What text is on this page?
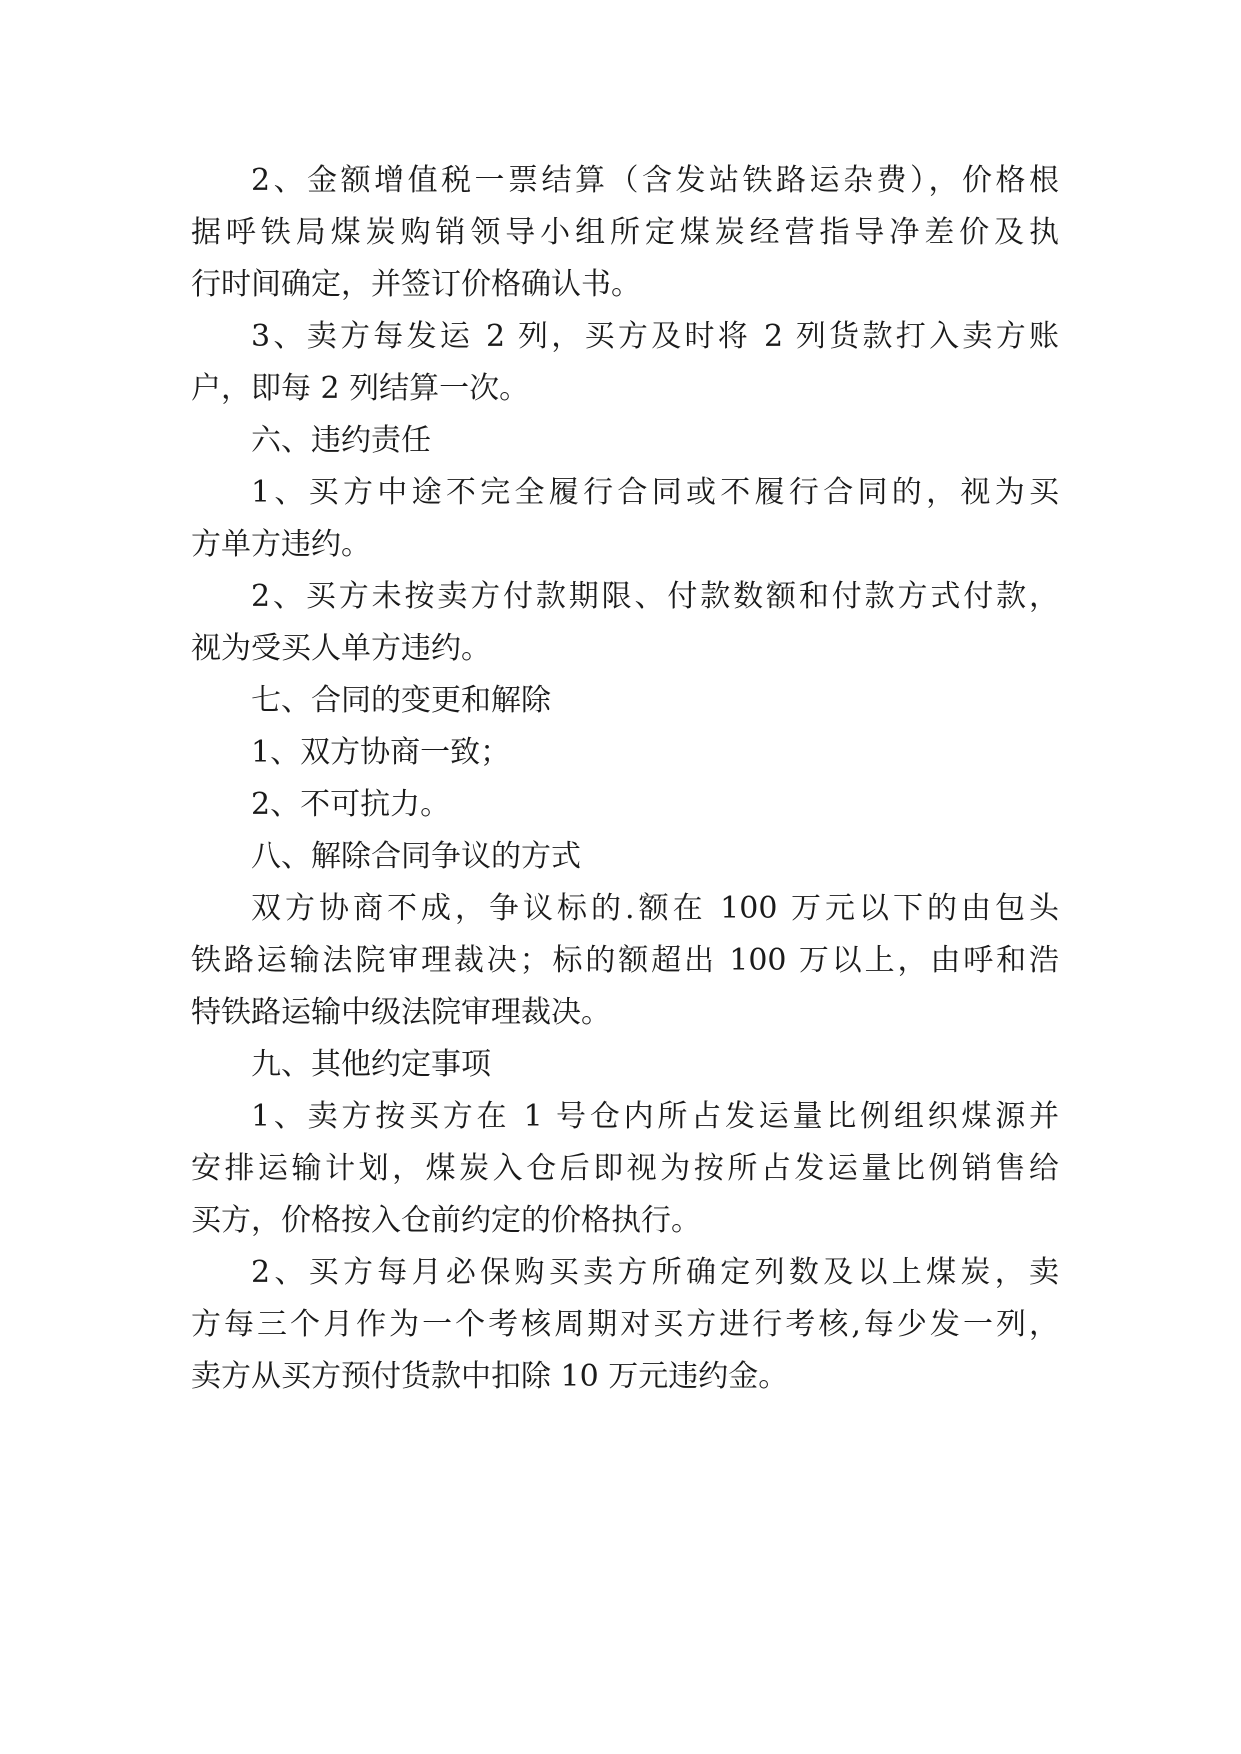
2、金额增值税一票结算（含发站铁路运杂费），价格根
据呼铁局煤炭购销领导小组所定煤炭经营指导净差价及执
行时间确定，并签订价格确认书。
3、卖方每发运 2 列，买方及时将 2 列货款打入卖方账
户，即每 2 列结算一次。
六、违约责任
1、买方中途不完全履行合同或不履行合同的，视为买
方单方违约。
2、买方未按卖方付款期限、付款数额和付款方式付款，
视为受买人单方违约。
七、合同的变更和解除
1、双方协商一致；
2、不可抗力。
八、解除合同争议的方式
双方协商不成，争议标的.额在 100 万元以下的由包头
铁路运输法院审理裁决；标的额超出 100 万以上，由呼和浩
特铁路运输中级法院审理裁决。
九、其他约定事项
1、卖方按买方在 1 号仓内所占发运量比例组织煤源并
安排运输计划，煤炭入仓后即视为按所占发运量比例销售给
买方，价格按入仓前约定的价格执行。
2、买方每月必保购买卖方所确定列数及以上煤炭，卖
方每三个月作为一个考核周期对买方进行考核,每少发一列，
卖方从买方预付货款中扣除 10 万元违约金。
